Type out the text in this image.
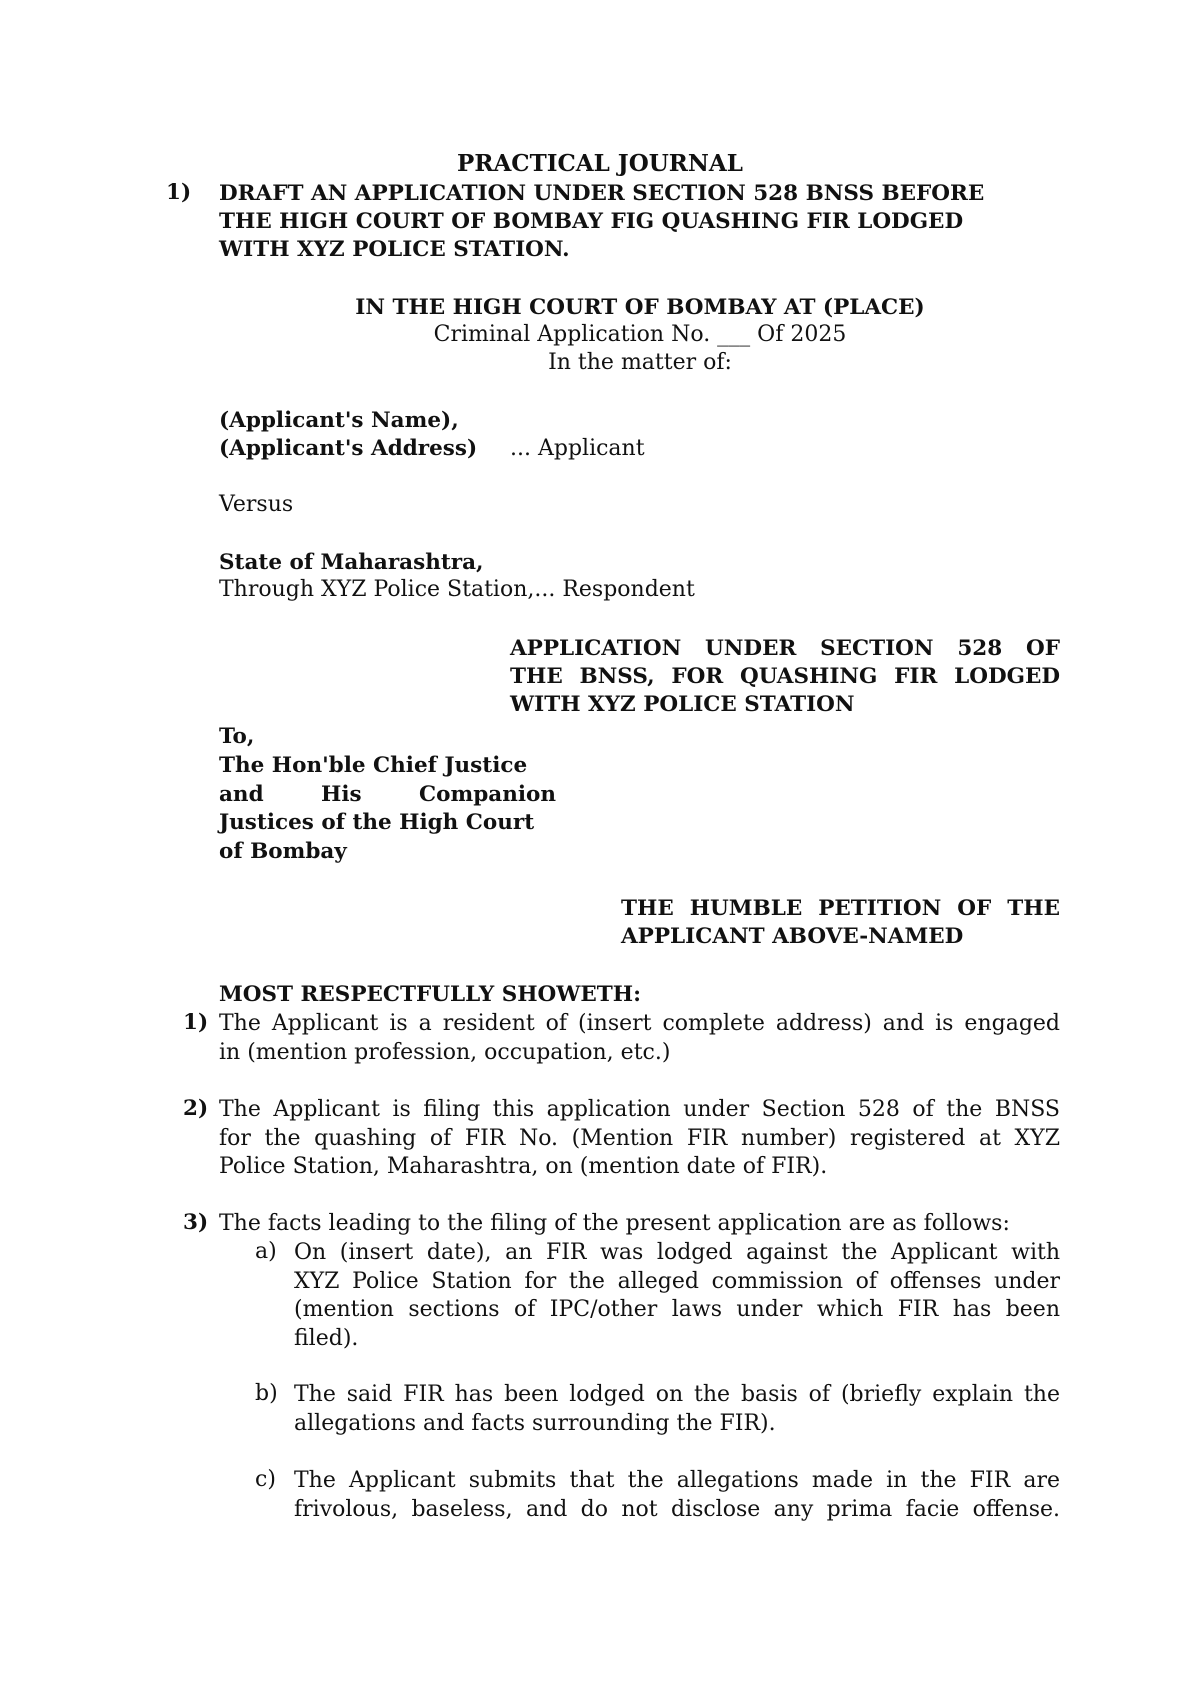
PRACTICAL JOURNAL
1) DRAFT AN APPLICATION UNDER SECTION 528 BNSS BEFORE
THE HIGH COURT OF BOMBAY FIG QUASHING FIR LODGED
WITH XYZ POLICE STATION.
IN THE HIGH COURT OF BOMBAY AT (PLACE)
Criminal Application No. ___ Of 2025
In the matter of:
(Applicant's Name),
(Applicant's Address) ... Applicant
Versus
State of Maharashtra,
Through XYZ Police Station,... Respondent
APPLICATION UNDER SECTION 528 OF
THE BNSS, FOR QUASHING FIR LODGED
WITH XYZ POLICE STATION
To,
The Hon'ble Chief Justice
and His Companion
Justices of the High Court
of Bombay
THE HUMBLE PETITION OF THE
APPLICANT ABOVE-NAMED
MOST RESPECTFULLY SHOWETH:
1) The Applicant is a resident of (insert complete address) and is engaged
in (mention profession, occupation, etc.)
2) The Applicant is filing this application under Section 528 of the BNSS
for the quashing of FIR No. (Mention FIR number) registered at XYZ
Police Station, Maharashtra, on (mention date of FIR).
3) The facts leading to the filing of the present application are as follows:
a) On (insert date), an FIR was lodged against the Applicant with
XYZ Police Station for the alleged commission of offenses under
(mention sections of IPC/other laws under which FIR has been
filed).
b) The said FIR has been lodged on the basis of (briefly explain the
allegations and facts surrounding the FIR).
c) The Applicant submits that the allegations made in the FIR are
frivolous, baseless, and do not disclose any prima facie offense.
